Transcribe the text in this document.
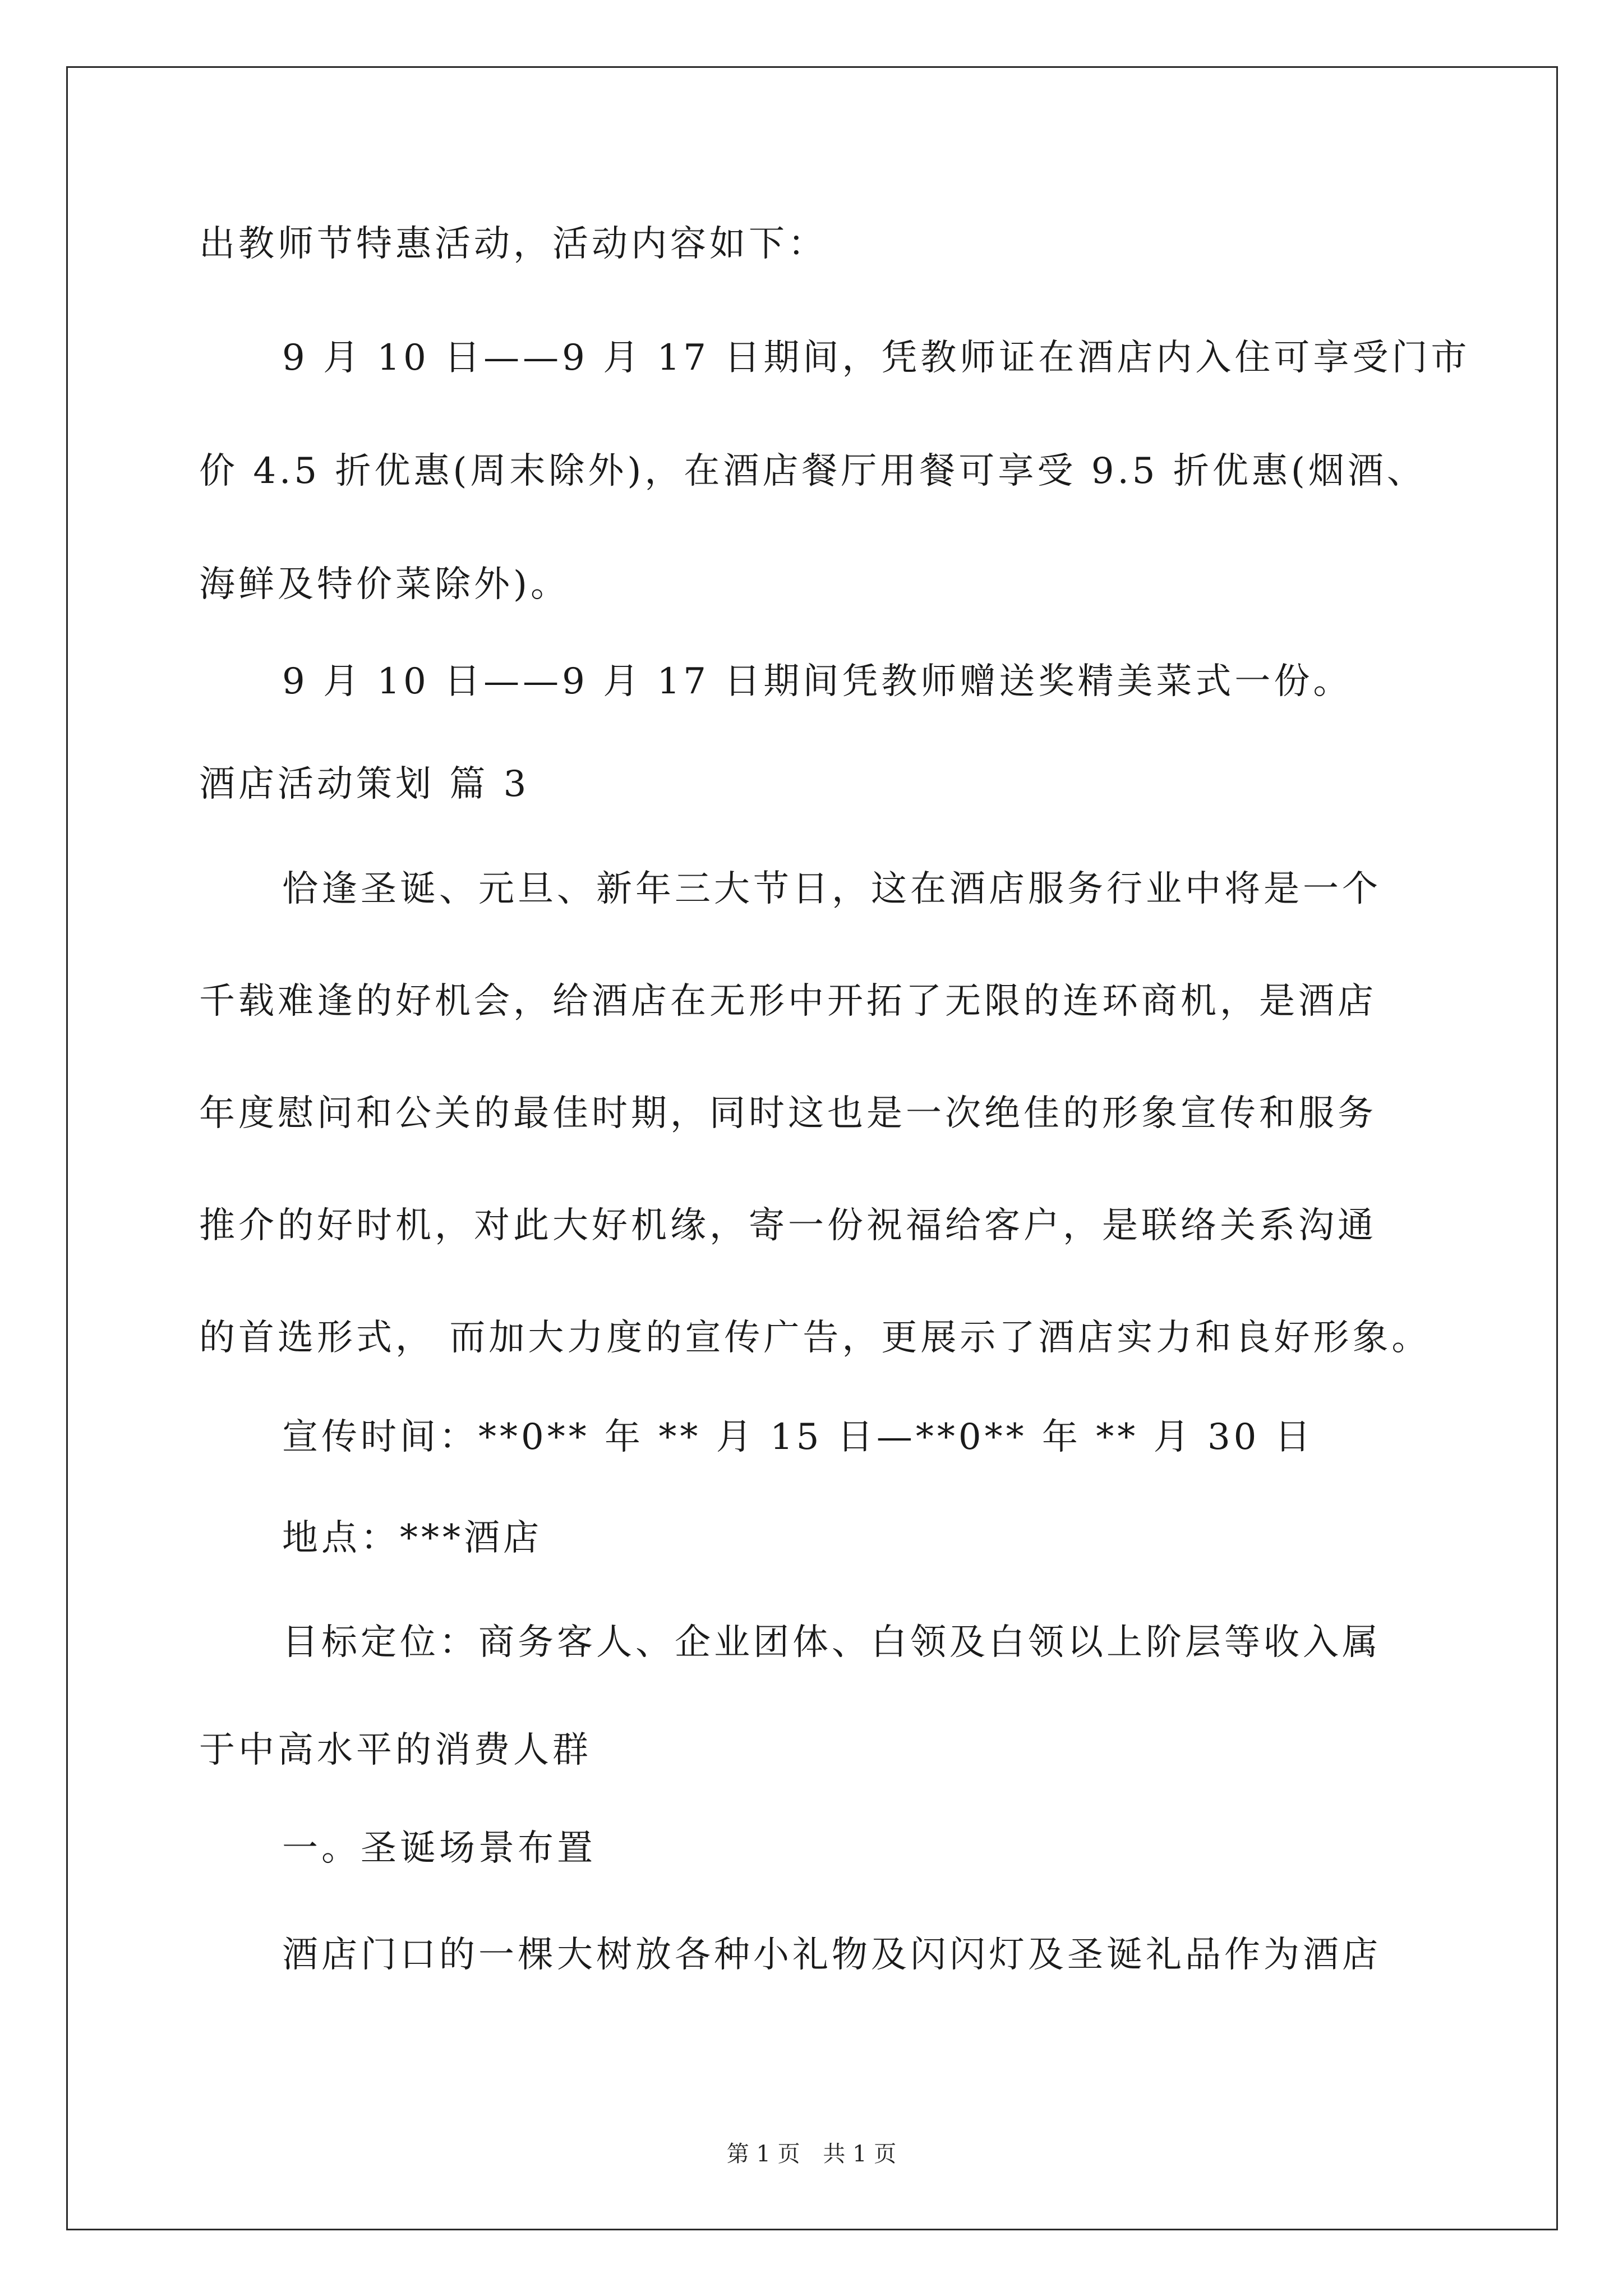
出教师节特惠活动，活动内容如下：
9 月 10 日——9 月 17 日期间，凭教师证在酒店内入住可享受门市
价 4.5 折优惠(周末除外)，在酒店餐厅用餐可享受 9.5 折优惠(烟酒、
海鲜及特价菜除外)。
9 月 10 日——9 月 17 日期间凭教师赠送奖精美菜式一份。
酒店活动策划 篇 3
恰逢圣诞、元旦、新年三大节日，这在酒店服务行业中将是一个
千载难逢的好机会，给酒店在无形中开拓了无限的连环商机，是酒店
年度慰问和公关的最佳时期，同时这也是一次绝佳的形象宣传和服务
推介的好时机，对此大好机缘，寄一份祝福给客户，是联络关系沟通
的首选形式， 而加大力度的宣传广告，更展示了酒店实力和良好形象。
宣传时间：**0** 年 ** 月 15 日—**0** 年 ** 月 30 日
地点：***酒店
目标定位：商务客人、企业团体、白领及白领以上阶层等收入属
于中高水平的消费人群
一。圣诞场景布置
酒店门口的一棵大树放各种小礼物及闪闪灯及圣诞礼品作为酒店
第 1 页 共 1 页
